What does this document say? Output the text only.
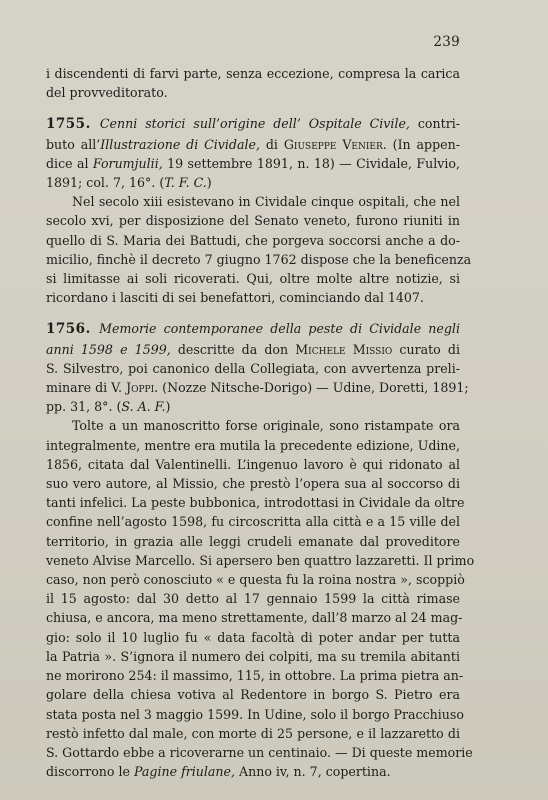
239
i discendenti di farvi parte, senza eccezione, compresa la carica
del provveditorato.
1755. Cenni storici sull’origine dell’ Ospitale Civile, contri-
buto all’Illustrazione di Cividale, di Giuseppe Venier. (In appen-
dice al Forumjulii, 19 settembre 1891, n. 18) — Cividale, Fulvio,
1891; col. 7, 16°. (T. F. C.)
Nel secolo xiii esistevano in Cividale cinque ospitali, che nel
secolo xvi, per disposizione del Senato veneto, furono riuniti in
quello di S. Maria dei Battudi, che porgeva soccorsi anche a do-
micilio, finchè il decreto 7 giugno 1762 dispose che la beneficenza
si limitasse ai soli ricoverati. Qui, oltre molte altre notizie, si
ricordano i lasciti di sei benefattori, cominciando dal 1407.
1756. Memorie contemporanee della peste di Cividale negli
anni 1598 e 1599, descritte da don Michele Missio curato di
S. Silvestro, poi canonico della Collegiata, con avvertenza preli-
minare di V. Joppi. (Nozze Nitsche-Dorigo) — Udine, Doretti, 1891;
pp. 31, 8°. (S. A. F.)
Tolte a un manoscritto forse originale, sono ristampate ora
integralmente, mentre era mutila la precedente edizione, Udine,
1856, citata dal Valentinelli. L’ingenuo lavoro è qui ridonato al
suo vero autore, al Missio, che prestò l’opera sua al soccorso di
tanti infelici. La peste bubbonica, introdottasi in Cividale da oltre
confine nell’agosto 1598, fu circoscritta alla città e a 15 ville del
territorio, in grazia alle leggi crudeli emanate dal proveditore
veneto Alvise Marcello. Si apersero ben quattro lazzaretti. Il primo
caso, non però conosciuto « e questa fu la roina nostra », scoppiò
il 15 agosto: dal 30 detto al 17 gennaio 1599 la città rimase
chiusa, e ancora, ma meno strettamente, dall’8 marzo al 24 mag-
gio: solo il 10 luglio fu « data facoltà di poter andar per tutta
la Patria ». S’ignora il numero dei colpiti, ma su tremila abitanti
ne morirono 254: il massimo, 115, in ottobre. La prima pietra an-
golare della chiesa votiva al Redentore in borgo S. Pietro era
stata posta nel 3 maggio 1599. In Udine, solo il borgo Pracchiuso
restò infetto dal male, con morte di 25 persone, e il lazzaretto di
S. Gottardo ebbe a ricoverarne un centinaio. — Di queste memorie
discorrono le Pagine friulane, Anno iv, n. 7, copertina.
